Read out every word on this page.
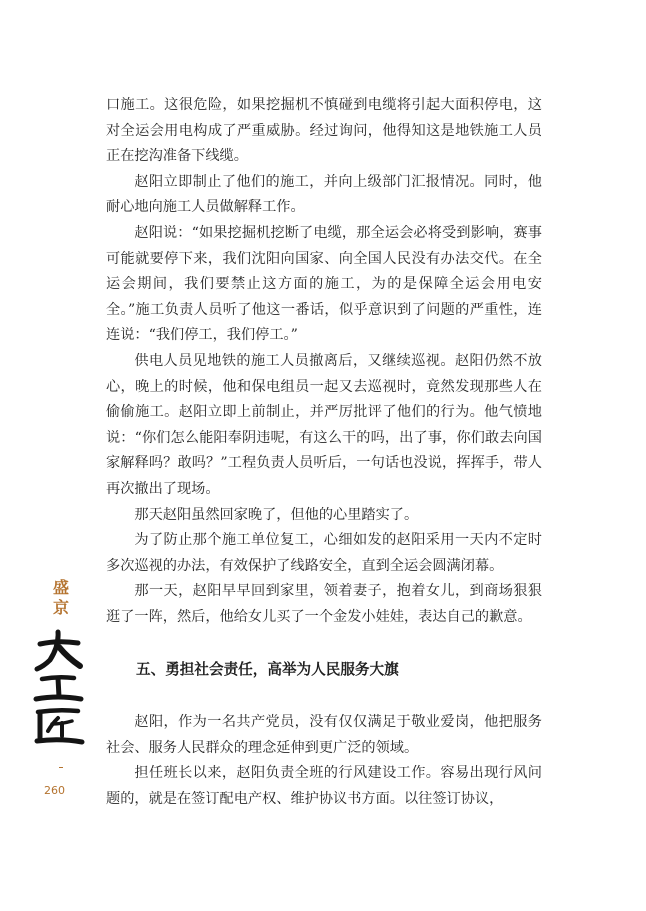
口施工。这很危险，如果挖掘机不慎碰到电缆将引起大面积停电，这对全运会用电构成了严重威胁。经过询问，他得知这是地铁施工人员正在挖沟准备下线缆。

赵阳立即制止了他们的施工，并向上级部门汇报情况。同时，他耐心地向施工人员做解释工作。

赵阳说：“如果挖掘机挖断了电缆，那全运会必将受到影响，赛事可能就要停下来，我们沈阳向国家、向全国人民没有办法交代。在全运会期间，我们要禁止这方面的施工，为的是保障全运会用电安全。”施工负责人员听了他这一番话，似乎意识到了问题的严重性，连连说：“我们停工，我们停工。”

供电人员见地铁的施工人员撤离后，又继续巡视。赵阳仍然不放心，晚上的时候，他和保电组员一起又去巡视时，竟然发现那些人在偷偷施工。赵阳立即上前制止，并严厉批评了他们的行为。他气愤地说：“你们怎么能阳奉阴违呢，有这么干的吗，出了事，你们敢去向国家解释吗？敢吗？”工程负责人员听后，一句话也没说，挥挥手，带人再次撤出了现场。

那天赵阳虽然回家晚了，但他的心里踏实了。

为了防止那个施工单位复工，心细如发的赵阳采用一天内不定时多次巡视的办法，有效保护了线路安全，直到全运会圆满闭幕。

那一天，赵阳早早回到家里，领着妻子，抱着女儿，到商场狠狠逛了一阵，然后，他给女儿买了一个金发小娃娃，表达自己的歉意。

五、勇担社会责任，高举为人民服务大旗

赵阳，作为一名共产党员，没有仅仅满足于敬业爱岗，他把服务社会、服务人民群众的理念延伸到更广泛的领域。

担任班长以来，赵阳负责全班的行风建设工作。容易出现行风问题的，就是在签订配电产权、维护协议书方面。以往签订协议，

盛京
260
